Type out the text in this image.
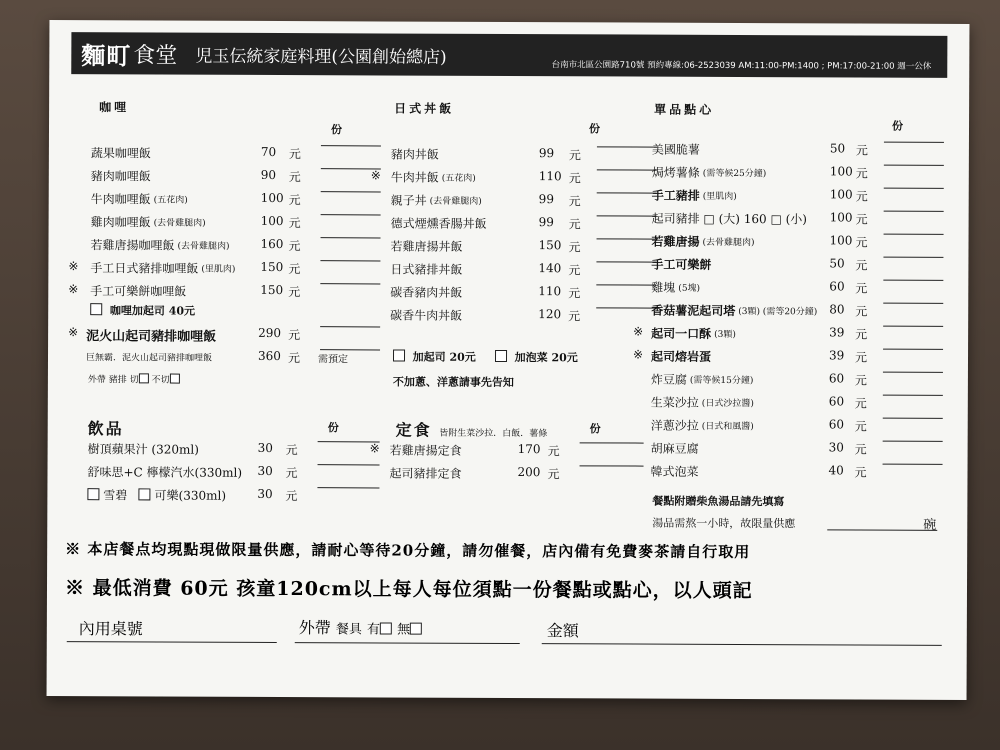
麵町 食堂 児玉伝統家庭料理(公園創始總店)	台南市北區公園路710號 預約專線:06-2523039 AM:11:00-PM:1400 ; PM:17:00-21:00 週一公休
咖哩	日式丼飯	單品點心
份	份	份
蔬果咖哩飯	70 元
豬肉咖哩飯	90 元
牛肉咖哩飯 (五花肉)	100 元
雞肉咖哩飯 (去骨雞腿肉)	100 元
若雞唐揚咖哩飯 (去骨雞腿肉)	160 元
※ 手工日式豬排咖哩飯 (里肌肉) 150 元
※ 手工可樂餅咖哩飯	150 元
咖哩加起司 40元
※ 泥火山起司豬排咖哩飯	290 元
巨無霸．泥火山起司豬排咖哩飯	360 元 需預定
外帶 豬排 切 不切
豬肉丼飯	99 元
※ 牛肉丼飯 (五花肉)	110 元
親子丼 (去骨雞腿肉)	99 元
德式煙燻香腸丼飯	99 元
若雞唐揚丼飯	150 元
日式豬排丼飯	140 元
碳香豬肉丼飯	110 元
碳香牛肉丼飯	120 元
加起司 20元	加泡菜 20元
不加蔥、洋蔥請事先告知
美國脆薯	50 元
焗烤薯條 (需等候25分鐘)	100 元
手工豬排 (里肌肉)	100 元
起司豬排 □ (大) 160 □ (小) 100 元
若雞唐揚 (去骨雞腿肉)	100 元
手工可樂餅	50 元
雞塊 (5塊)	60 元
香菇薯泥起司塔 (3顆) (需等20分鐘) 80 元
※ 起司一口酥 (3顆)	39 元
※ 起司熔岩蛋	39 元
炸豆腐 (需等候15分鐘)	60 元
生菜沙拉 (日式沙拉醬)	60 元
洋蔥沙拉 (日式和風醬)	60 元
胡麻豆腐	30 元
韓式泡菜	40 元
餐點附贈柴魚湯品請先填寫
湯品需熬一小時，故限量供應	碗
飲品	份
樹頂蘋果汁 (320ml)	30 元
舒味思+C 檸檬汽水(330ml) 30 元
雪碧 可樂(330ml)	30 元
定食 皆附生菜沙拉．白飯．薯條	份
※ 若雞唐揚定食	170 元
起司豬排定食	200 元
※ 本店餐点均現點現做限量供應，請耐心等待20分鐘，請勿催餐，店內備有免費麥茶請自行取用
※ 最低消費 60元 孩童120cm以上每人每位須點一份餐點或點心，以人頭記
內用桌號	外帶 餐具 有 無	金額
